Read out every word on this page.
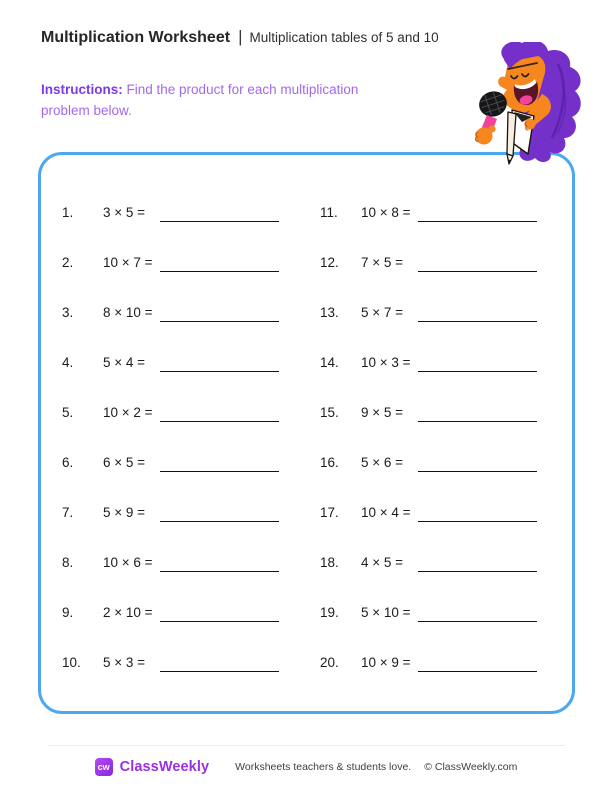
Multiplication Worksheet | Multiplication tables of 5 and 10

Instructions: Find the product for each multiplication problem below.

1.	3 × 5 =
2.	10 × 7 =
3.	8 × 10 =
4.	5 × 4 =
5.	10 × 2 =
6.	6 × 5 =
7.	5 × 9 =
8.	10 × 6 =
9.	2 × 10 =
10.	5 × 3 =
11.	10 × 8 =
12.	7 × 5 =
13.	5 × 7 =
14.	10 × 3 =
15.	9 × 5 =
16.	5 × 6 =
17.	10 × 4 =
18.	4 × 5 =
19.	5 × 10 =
20.	10 × 9 =
cw ClassWeekly Worksheets teachers & students love. © ClassWeekly.com
